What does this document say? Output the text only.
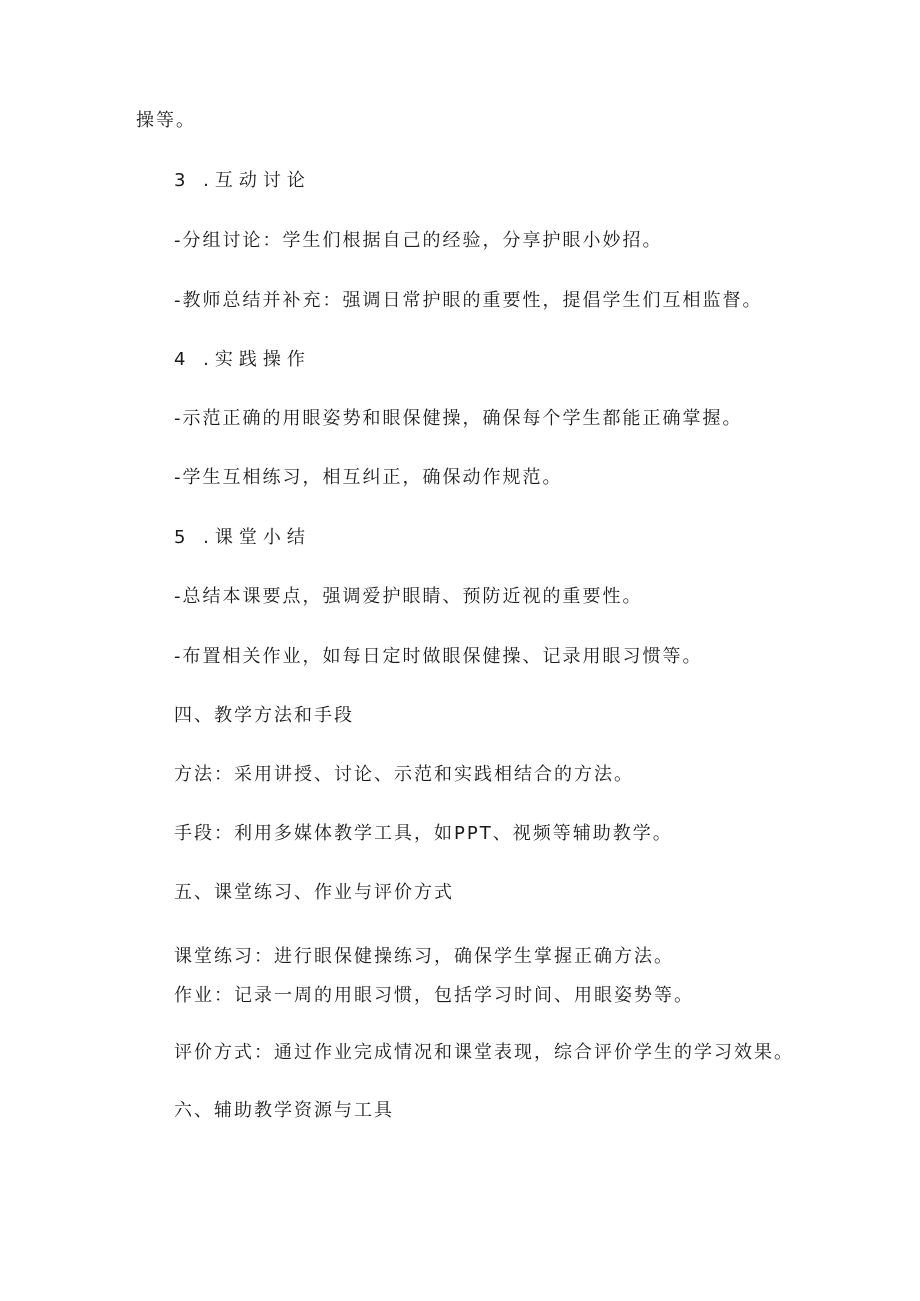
操等。
3 .互动讨论
-分组讨论：学生们根据自己的经验，分享护眼小妙招。
-教师总结并补充：强调日常护眼的重要性，提倡学生们互相监督。
4 .实践操作
-示范正确的用眼姿势和眼保健操，确保每个学生都能正确掌握。
-学生互相练习，相互纠正，确保动作规范。
5 .课堂小结
-总结本课要点，强调爱护眼睛、预防近视的重要性。
-布置相关作业，如每日定时做眼保健操、记录用眼习惯等。
四、教学方法和手段
方法：采用讲授、讨论、示范和实践相结合的方法。
手段：利用多媒体教学工具，如PPT、视频等辅助教学。
五、课堂练习、作业与评价方式
课堂练习：进行眼保健操练习，确保学生掌握正确方法。
作业：记录一周的用眼习惯，包括学习时间、用眼姿势等。
评价方式：通过作业完成情况和课堂表现，综合评价学生的学习效果。
六、辅助教学资源与工具
